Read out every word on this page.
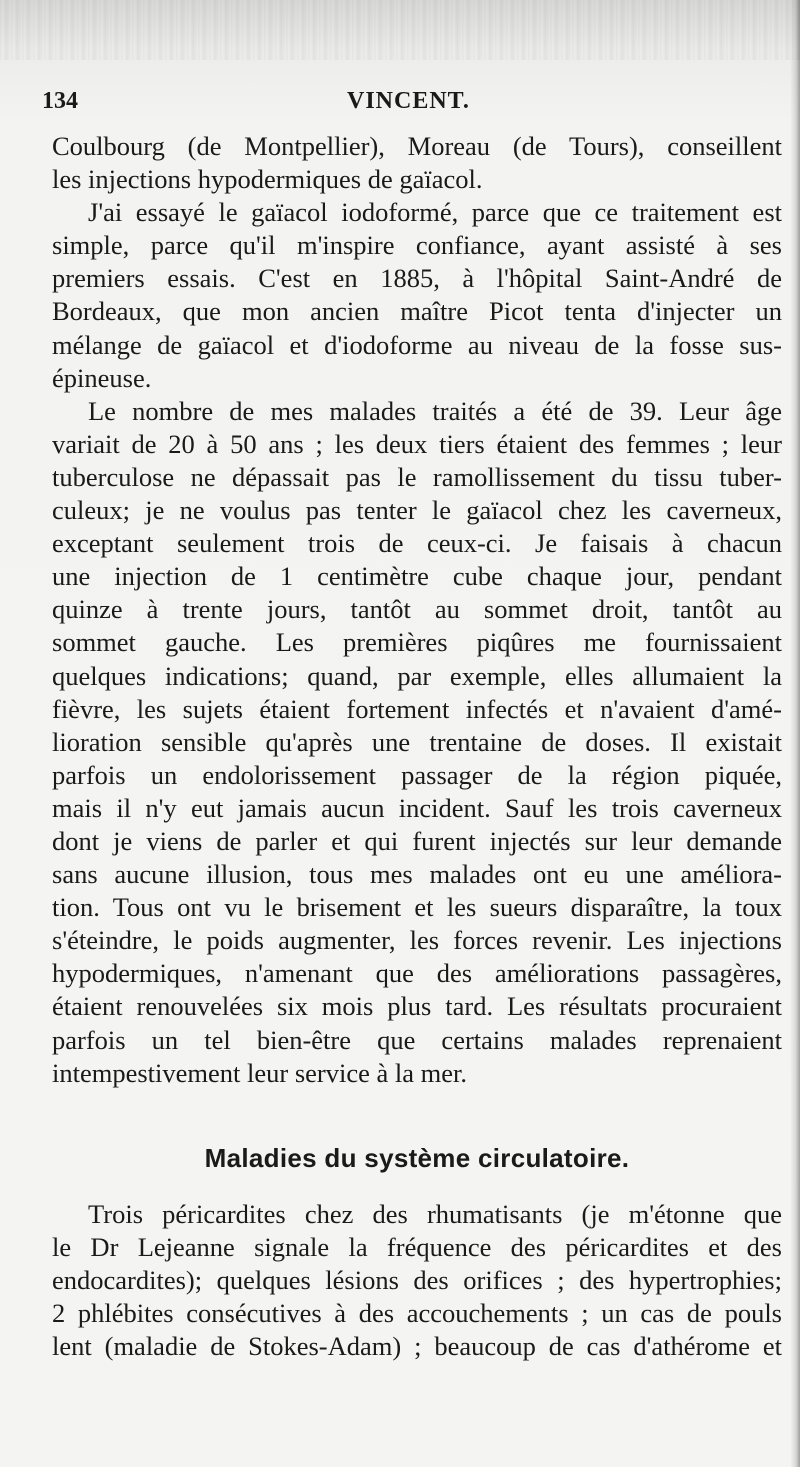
134	VINCENT.
Coulbourg (de Montpellier), Moreau (de Tours), conseillent
les injections hypodermiques de gaïacol.
J'ai essayé le gaïacol iodoformé, parce que ce traitement est
simple, parce qu'il m'inspire confiance, ayant assisté à ses
premiers essais. C'est en 1885, à l'hôpital Saint-André de
Bordeaux, que mon ancien maître Picot tenta d'injecter un
mélange de gaïacol et d'iodoforme au niveau de la fosse sus-
épineuse.
Le nombre de mes malades traités a été de 39. Leur âge
variait de 20 à 50 ans ; les deux tiers étaient des femmes ; leur
tuberculose ne dépassait pas le ramollissement du tissu tuber-
culeux; je ne voulus pas tenter le gaïacol chez les caverneux,
exceptant seulement trois de ceux-ci. Je faisais à chacun
une injection de 1 centimètre cube chaque jour, pendant
quinze à trente jours, tantôt au sommet droit, tantôt au
sommet gauche. Les premières piqûres me fournissaient
quelques indications; quand, par exemple, elles allumaient la
fièvre, les sujets étaient fortement infectés et n'avaient d'amé-
lioration sensible qu'après une trentaine de doses. Il existait
parfois un endolorissement passager de la région piquée,
mais il n'y eut jamais aucun incident. Sauf les trois caverneux
dont je viens de parler et qui furent injectés sur leur demande
sans aucune illusion, tous mes malades ont eu une améliora-
tion. Tous ont vu le brisement et les sueurs disparaître, la toux
s'éteindre, le poids augmenter, les forces revenir. Les injections
hypodermiques, n'amenant que des améliorations passagères,
étaient renouvelées six mois plus tard. Les résultats procuraient
parfois un tel bien-être que certains malades reprenaient
intempestivement leur service à la mer.
Maladies du système circulatoire.
Trois péricardites chez des rhumatisants (je m'étonne que
le Dr Lejeanne signale la fréquence des péricardites et des
endocardites); quelques lésions des orifices ; des hypertrophies;
2 phlébites consécutives à des accouchements ; un cas de pouls
lent (maladie de Stokes-Adam) ; beaucoup de cas d'athérome et
